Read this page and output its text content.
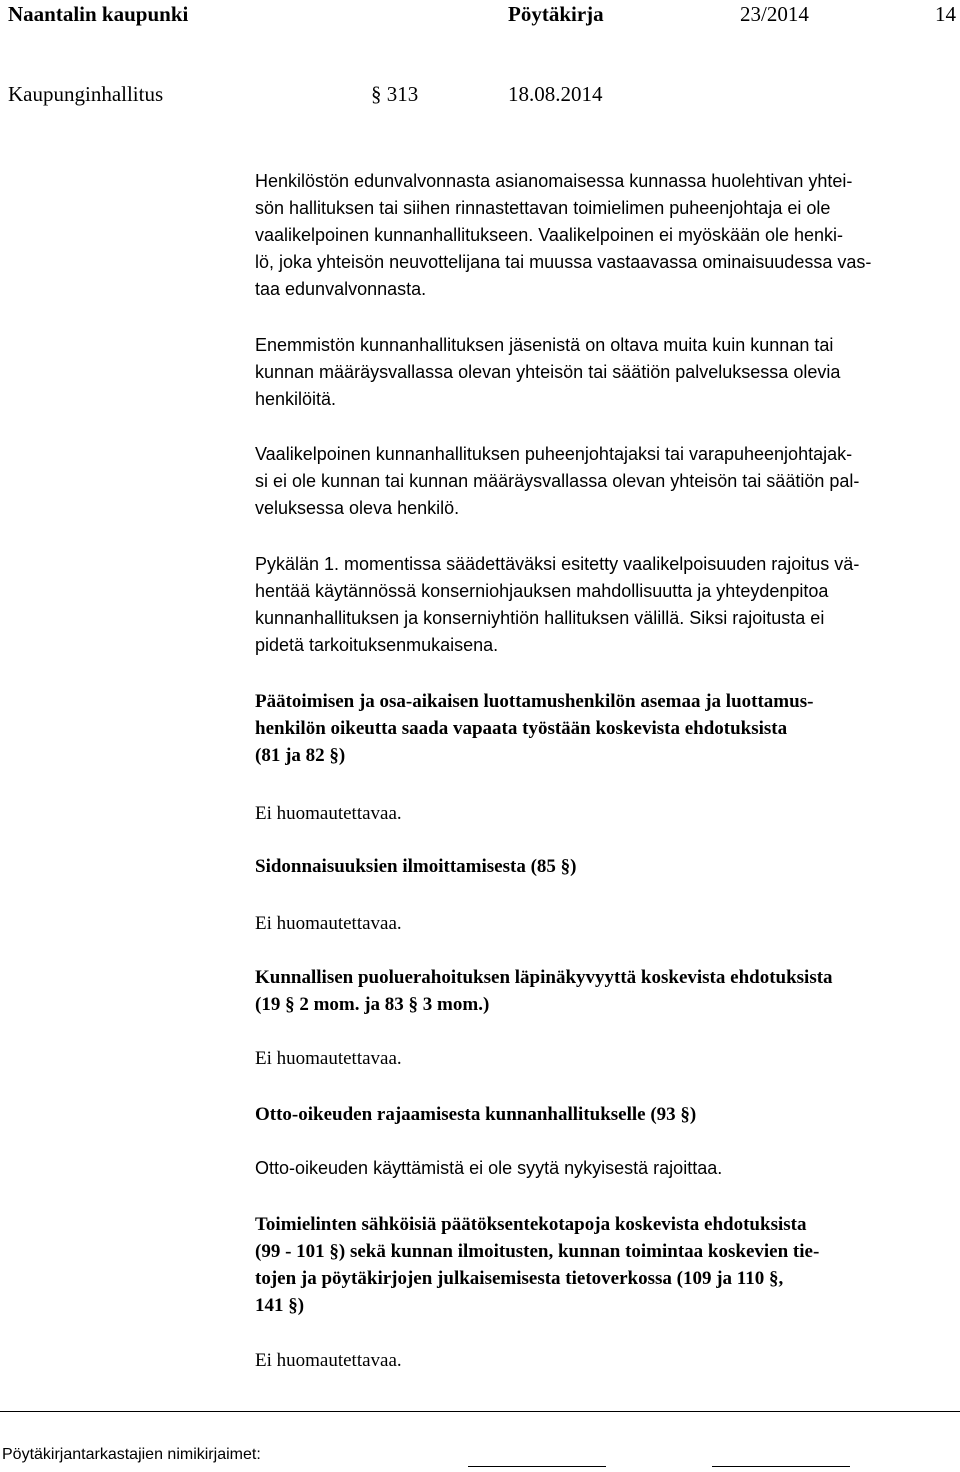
Naantalin kaupunki	Pöytäkirja	23/2014	14
Kaupunginhallitus	§ 313	18.08.2014
Henkilöstön edunvalvonnasta asianomaisessa kunnassa huolehtivan yhtei-
sön hallituksen tai siihen rinnastettavan toimielimen puheenjohtaja ei ole
vaalikelpoinen kunnanhallitukseen. Vaalikelpoinen ei myöskään ole henki-
lö, joka yhteisön neuvottelijana tai muussa vastaavassa ominaisuudessa vas-
taa edunvalvonnasta.
Enemmistön kunnanhallituksen jäsenistä on oltava muita kuin kunnan tai
kunnan määräysvallassa olevan yhteisön tai säätiön palveluksessa olevia
henkilöitä.
Vaalikelpoinen kunnanhallituksen puheenjohtajaksi tai varapuheenjohtajak-
si ei ole kunnan tai kunnan määräysvallassa olevan yhteisön tai säätiön pal-
veluksessa oleva henkilö.
Pykälän 1. momentissa säädettäväksi esitetty vaalikelpoisuuden rajoitus vä-
hentää käytännössä konserniohjauksen mahdollisuutta ja yhteydenpitoa
kunnanhallituksen ja konserniyhtiön hallituksen välillä. Siksi rajoitusta ei
pidetä tarkoituksenmukaisena.
Päätoimisen ja osa-aikaisen luottamushenkilön asemaa ja luottamus-
henkilön oikeutta saada vapaata työstään koskevista ehdotuksista
(81 ja 82 §)
Ei huomautettavaa.
Sidonnaisuuksien ilmoittamisesta (85 §)
Ei huomautettavaa.
Kunnallisen puoluerahoituksen läpinäkyvyyttä koskevista ehdotuksista
(19 § 2 mom. ja 83 § 3 mom.)
Ei huomautettavaa.
Otto-oikeuden rajaamisesta kunnanhallitukselle (93 §)
Otto-oikeuden käyttämistä ei ole syytä nykyisestä rajoittaa.
Toimielinten sähköisiä päätöksentekotapoja koskevista ehdotuksista
(99 - 101 §) sekä kunnan ilmoitusten, kunnan toimintaa koskevien tie-
tojen ja pöytäkirjojen julkaisemisesta tietoverkossa (109 ja 110 §,
141 §)
Ei huomautettavaa.
Pöytäkirjantarkastajien nimikirjaimet:
